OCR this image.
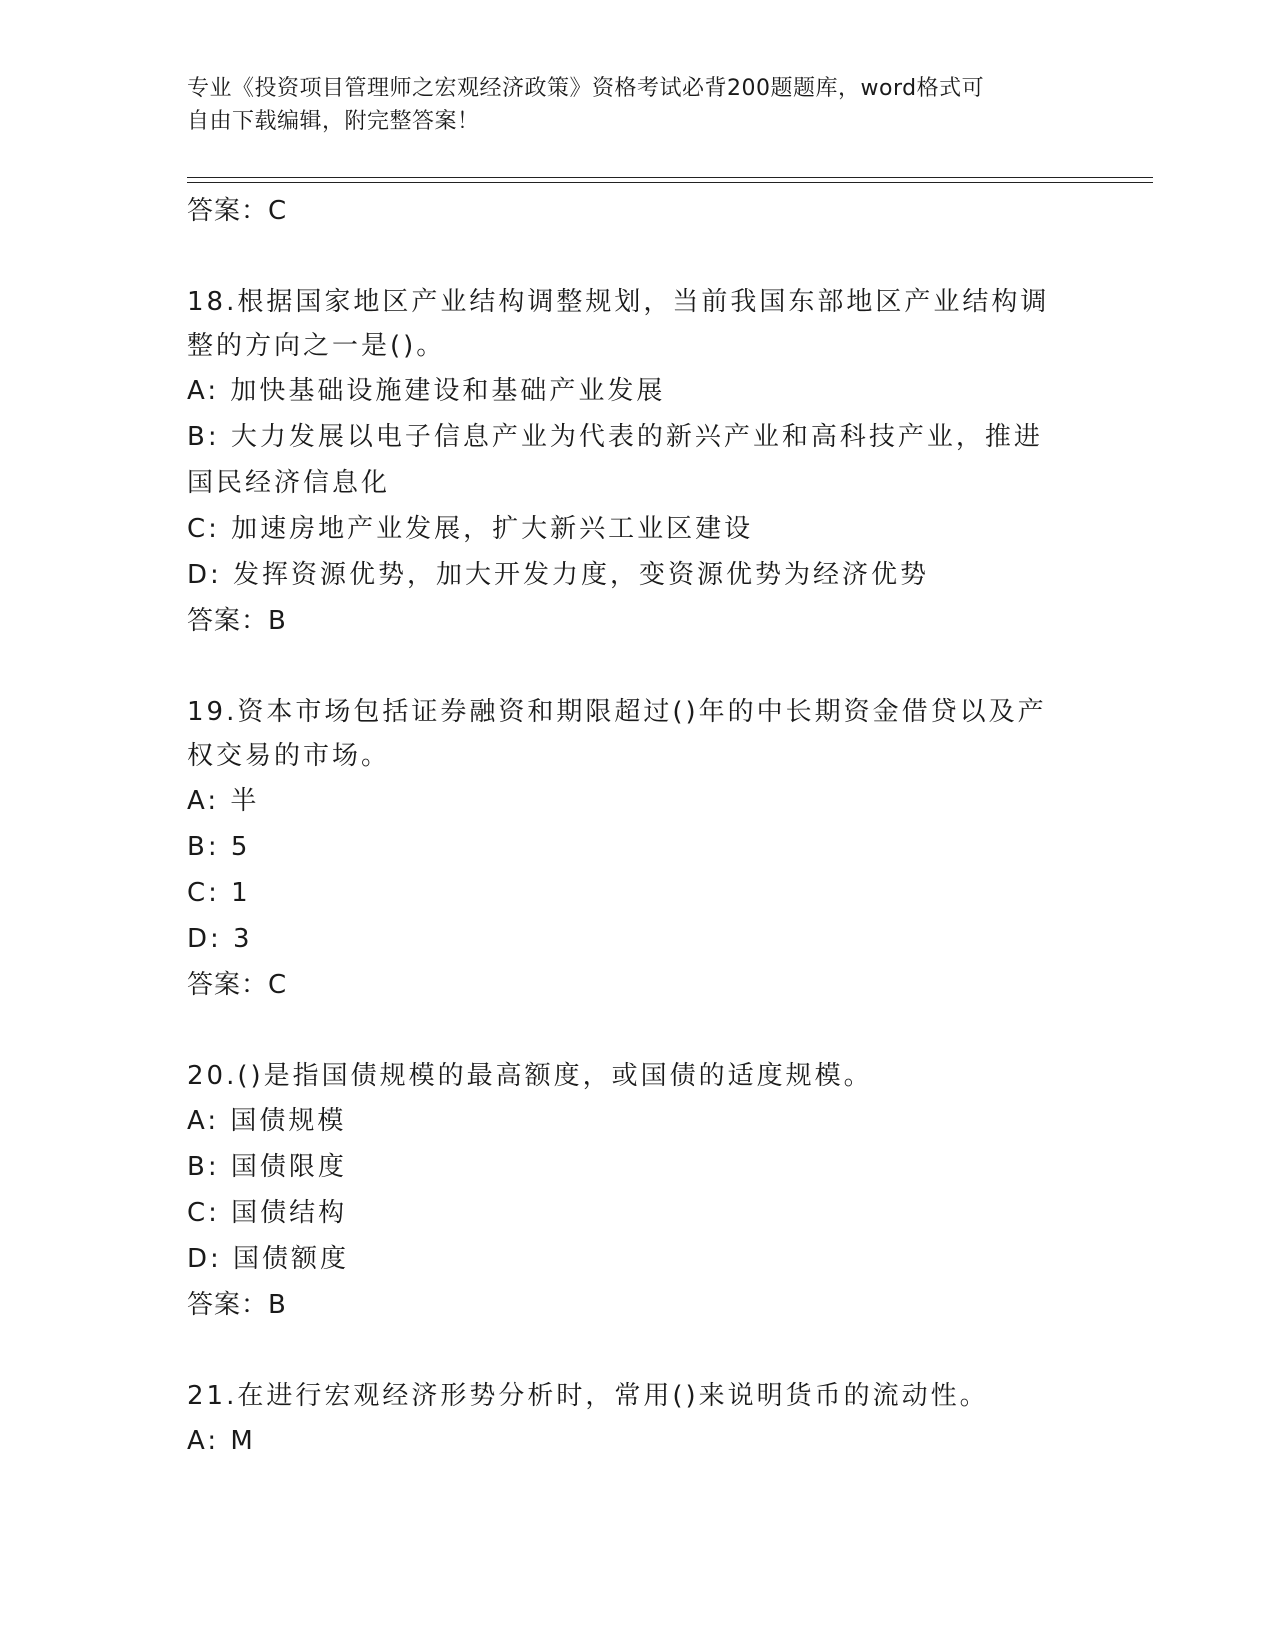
专业《投资项目管理师之宏观经济政策》资格考试必背200题题库，word格式可
自由下载编辑，附完整答案！
答案：C
18.根据国家地区产业结构调整规划，当前我国东部地区产业结构调整的方向之一是()。
A: 加快基础设施建设和基础产业发展
B: 大力发展以电子信息产业为代表的新兴产业和高科技产业，推进国民经济信息化
C: 加速房地产业发展，扩大新兴工业区建设
D: 发挥资源优势，加大开发力度，变资源优势为经济优势
答案：B
19.资本市场包括证券融资和期限超过()年的中长期资金借贷以及产权交易的市场。
A: 半
B: 5
C: 1
D: 3
答案：C
20.()是指国债规模的最高额度，或国债的适度规模。
A: 国债规模
B: 国债限度
C: 国债结构
D: 国债额度
答案：B
21.在进行宏观经济形势分析时，常用()来说明货币的流动性。
A: M
